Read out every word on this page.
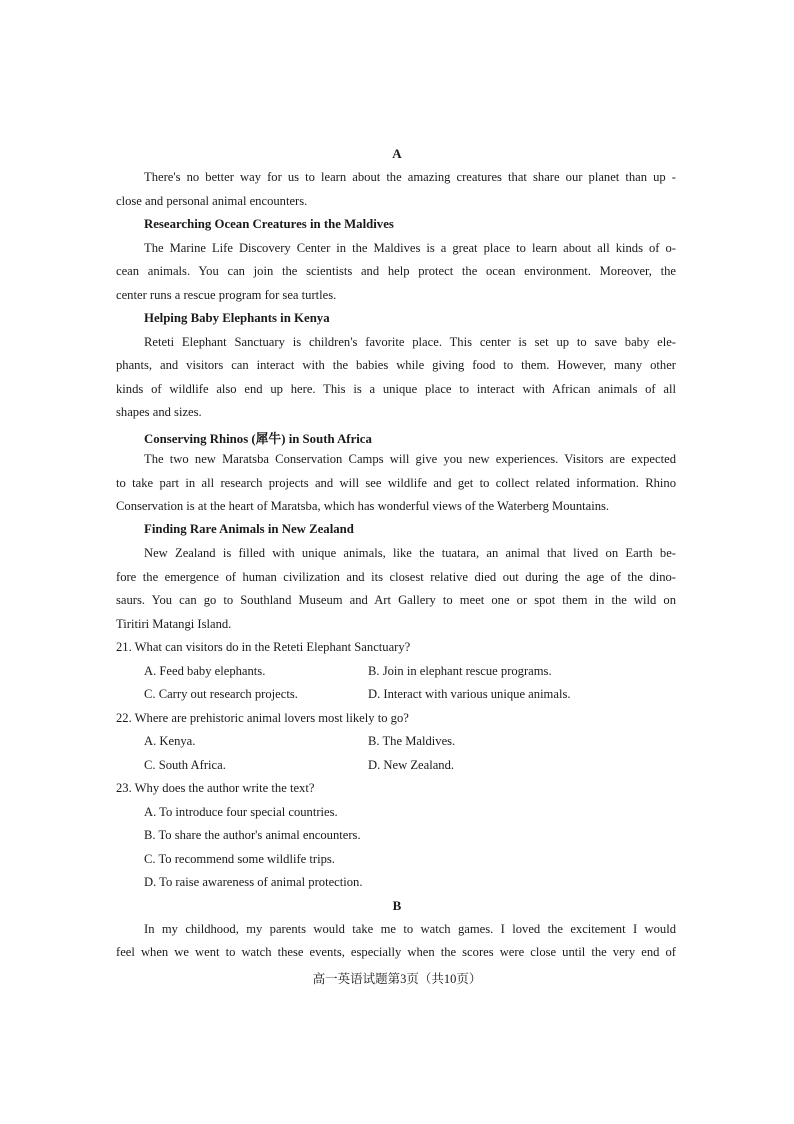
A
There's no better way for us to learn about the amazing creatures that share our planet than up -
close and personal animal encounters.
Researching Ocean Creatures in the Maldives
The Marine Life Discovery Center in the Maldives is a great place to learn about all kinds of o-
cean animals. You can join the scientists and help protect the ocean environment. Moreover, the
center runs a rescue program for sea turtles.
Helping Baby Elephants in Kenya
Reteti Elephant Sanctuary is children's favorite place. This center is set up to save baby ele-
phants, and visitors can interact with the babies while giving food to them. However, many other
kinds of wildlife also end up here. This is a unique place to interact with African animals of all
shapes and sizes.
Conserving Rhinos (犀牛) in South Africa
The two new Maratsba Conservation Camps will give you new experiences. Visitors are expected
to take part in all research projects and will see wildlife and get to collect related information. Rhino
Conservation is at the heart of Maratsba, which has wonderful views of the Waterberg Mountains.
Finding Rare Animals in New Zealand
New Zealand is filled with unique animals, like the tuatara, an animal that lived on Earth be-
fore the emergence of human civilization and its closest relative died out during the age of the dino-
saurs. You can go to Southland Museum and Art Gallery to meet one or spot them in the wild on
Tiritiri Matangi Island.
21. What can visitors do in the Reteti Elephant Sanctuary?
A. Feed baby elephants.	B. Join in elephant rescue programs.
C. Carry out research projects.	D. Interact with various unique animals.
22. Where are prehistoric animal lovers most likely to go?
A. Kenya.	B. The Maldives.
C. South Africa.	D. New Zealand.
23. Why does the author write the text?
A. To introduce four special countries.
B. To share the author's animal encounters.
C. To recommend some wildlife trips.
D. To raise awareness of animal protection.
B
In my childhood, my parents would take me to watch games. I loved the excitement I would
feel when we went to watch these events, especially when the scores were close until the very end of
高一英语试题第3页（共10页）
